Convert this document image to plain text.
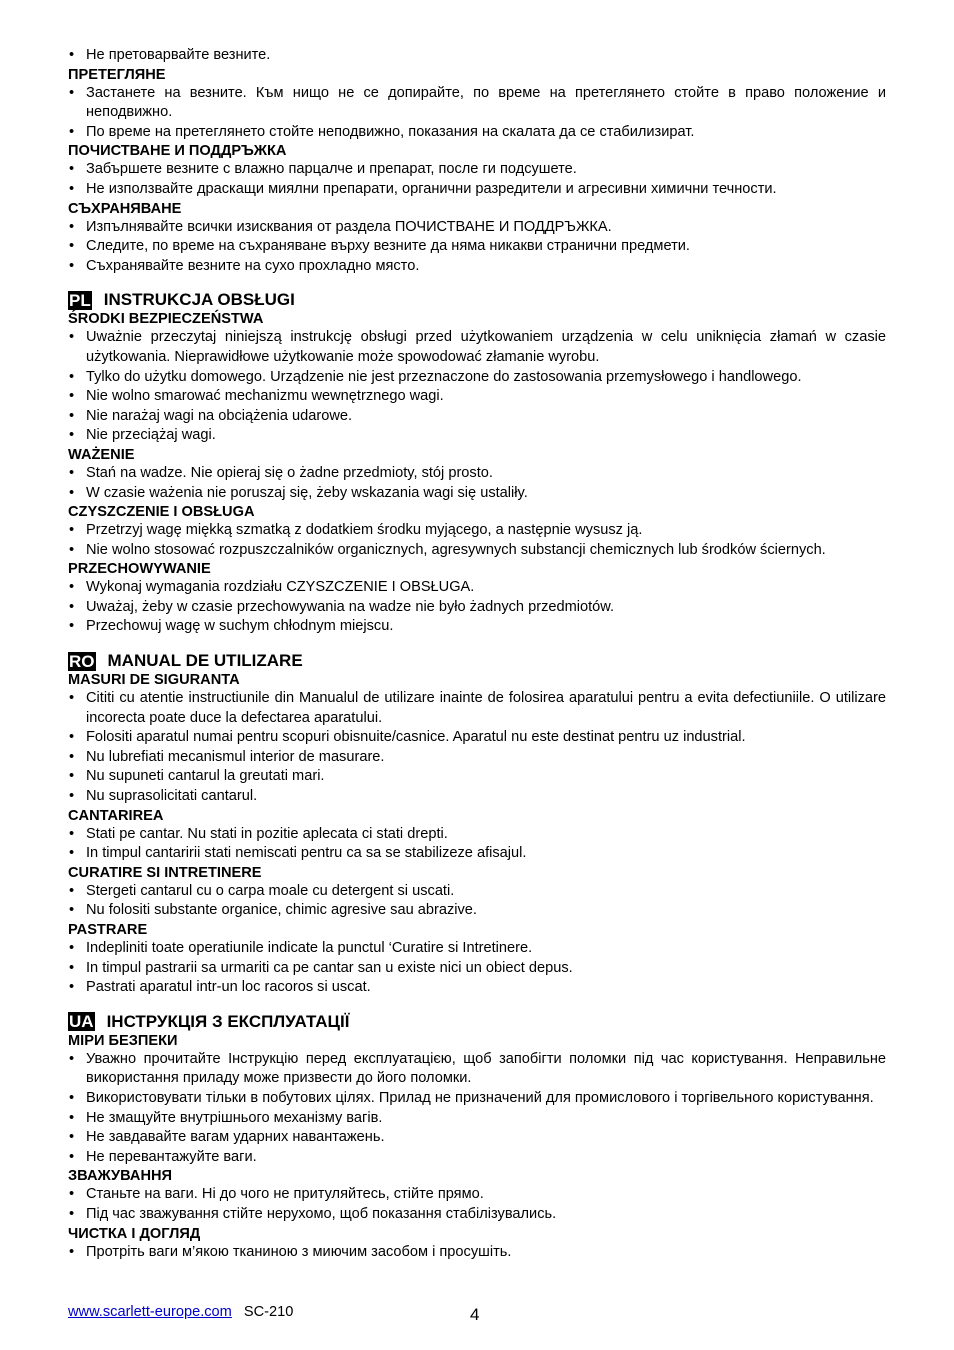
• Не претоварвайте везните.
ПРЕТЕГЛЯНЕ
• Застанете на везните. Към нищо не се допирайте, по време на претеглянето стойте в право положение и неподвижно.
• По време на претеглянето стойте неподвижно, показания на скалата да се стабилизират.
ПОЧИСТВАНЕ И ПОДДРЪЖКА
• Забършете везните с влажно парцалче и препарат, после ги подсушете.
• Не използвайте драскащи миялни препарати, органични разредители и агресивни химични течности.
СЪХРАНЯВАНЕ
• Изпълнявайте всички изисквания от раздела ПОЧИСТВАНЕ И ПОДДРЪЖКА.
• Следите, по време на съхраняване върху везните да няма никакви странични предмети.
• Съхранявайте везните на сухо прохладно място.
PL INSTRUKCJA OBSŁUGI
ŚRODKI BEZPIECZEŃSTWA
• Uważnie przeczytaj niniejszą instrukcję obsługi przed użytkowaniem urządzenia w celu uniknięcia złamań w czasie użytkowania. Nieprawidłowe użytkowanie może spowodować złamanie wyrobu.
• Tylko do użytku domowego. Urządzenie nie jest przeznaczone do zastosowania przemysłowego i handlowego.
• Nie wolno smarować mechanizmu wewnętrznego wagi.
• Nie narażaj wagi na obciążenia udarowe.
• Nie przeciążaj wagi.
WAŻENIE
• Stań na wadze. Nie opieraj się o żadne przedmioty, stój prosto.
• W czasie ważenia nie poruszaj się, żeby wskazania wagi się ustaliły.
CZYSZCZENIE I OBSŁUGA
• Przetrzyj wagę miękką szmatką z dodatkiem środku myjącego, a następnie wysusz ją.
• Nie wolno stosować rozpuszczalników organicznych, agresywnych substancji chemicznych lub środków ściernych.
PRZECHOWYWANIE
• Wykonaj wymagania rozdziału CZYSZCZENIE I OBSŁUGA.
• Uważaj, żeby w czasie przechowywania na wadze nie było żadnych przedmiotów.
• Przechowuj wagę w suchym chłodnym miejscu.
RO MANUAL DE UTILIZARE
MASURI DE SIGURANTA
• Cititi cu atentie instructiunile din Manualul de utilizare inainte de folosirea aparatului pentru a evita defectiuniile. O utilizare incorecta poate duce la defectarea aparatului.
• Folositi aparatul numai pentru scopuri obisnuite/casnice. Aparatul nu este destinat pentru uz industrial.
• Nu lubrefiati mecanismul interior de masurare.
• Nu supuneti cantarul la greutati mari.
• Nu suprasolicitati cantarul.
CANTARIREA
• Stati pe cantar. Nu stati in pozitie aplecata ci stati drepti.
• In timpul cantaririi stati nemiscati pentru ca sa se stabilizeze afisajul.
CURATIRE SI INTRETINERE
• Stergeti cantarul cu o carpa moale cu detergent si uscati.
• Nu folositi substante organice, chimic agresive sau abrazive.
PASTRARE
• Indepliniti toate operatiunile indicate la punctul ‘Curatire si Intretinere.
• In timpul pastrarii sa urmariti ca pe cantar san u existe nici un obiect depus.
• Pastrati aparatul intr-un loc racoros si uscat.
UA ІНСТРУКЦІЯ З ЕКСПЛУАТАЦІЇ
МІРИ БЕЗПЕКИ
• Уважно прочитайте Інструкцію перед експлуатацією, щоб запобігти поломки під час користування. Неправильне використання приладу може призвести до його поломки.
• Використовувати тільки в побутових цілях. Прилад не призначений для промислового і торгівельного користування.
• Не змащуйте внутрішнього механізму вагів.
• Не завдавайте вагам ударних навантажень.
• Не перевантажуйте ваги.
ЗВАЖУВАННЯ
• Станьте на ваги. Ні до чого не притуляйтесь, стійте прямо.
• Під час зважування стійте нерухомо, щоб показання стабілізувались.
ЧИСТКА І ДОГЛЯД
• Протріть ваги м’якою тканиною з миючим засобом і просушіть.
www.scarlett-europe.com SC-210	4
